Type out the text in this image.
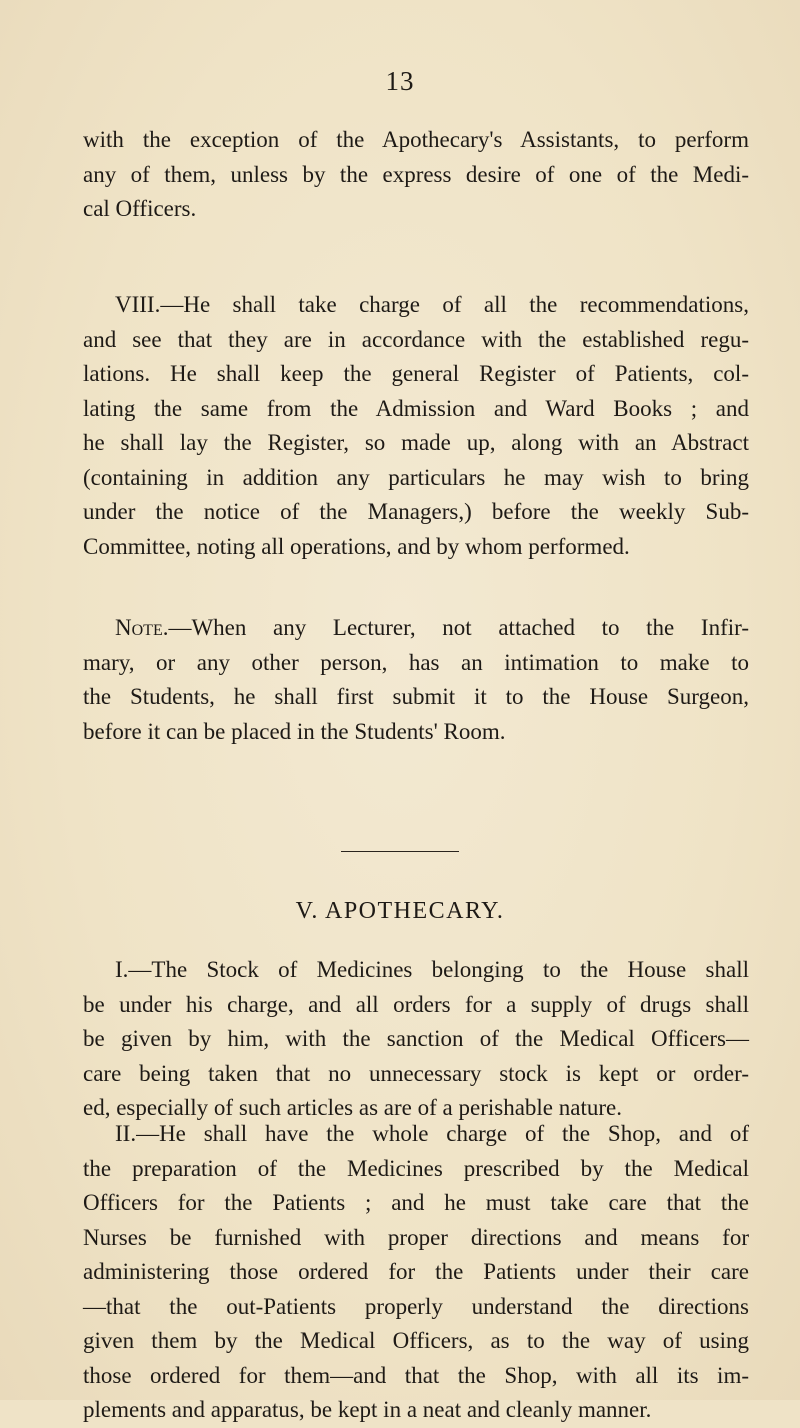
13

with the exception of the Apothecary's Assistants, to perform
any of them, unless by the express desire of one of the Medi-
cal Officers.

VIII.—He shall take charge of all the recommendations,
and see that they are in accordance with the established regu-
lations. He shall keep the general Register of Patients, col-
lating the same from the Admission and Ward Books ; and
he shall lay the Register, so made up, along with an Abstract
(containing in addition any particulars he may wish to bring
under the notice of the Managers,) before the weekly Sub-
Committee, noting all operations, and by whom performed.

Note.—When any Lecturer, not attached to the Infir-
mary, or any other person, has an intimation to make to
the Students, he shall first submit it to the House Surgeon,
before it can be placed in the Students' Room.

V. APOTHECARY.

I.—The Stock of Medicines belonging to the House shall
be under his charge, and all orders for a supply of drugs shall
be given by him, with the sanction of the Medical Officers—
care being taken that no unnecessary stock is kept or order-
ed, especially of such articles as are of a perishable nature.

II.—He shall have the whole charge of the Shop, and of
the preparation of the Medicines prescribed by the Medical
Officers for the Patients ; and he must take care that the
Nurses be furnished with proper directions and means for
administering those ordered for the Patients under their care
—that the out-Patients properly understand the directions
given them by the Medical Officers, as to the way of using
those ordered for them—and that the Shop, with all its im-
plements and apparatus, be kept in a neat and cleanly manner.
